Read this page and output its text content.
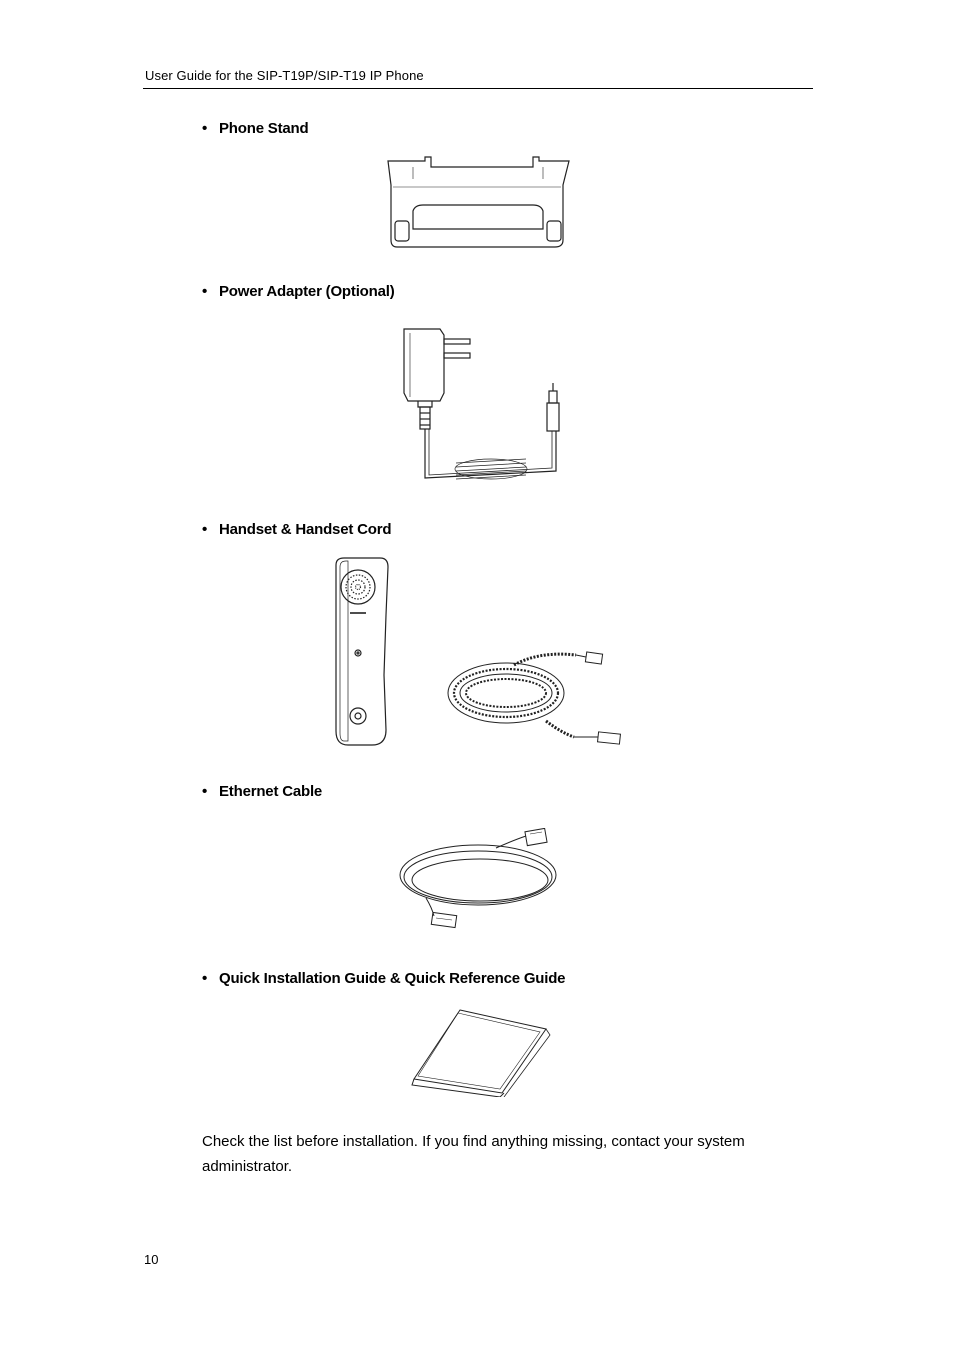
User Guide for the SIP-T19P/SIP-T19 IP Phone
• Phone Stand
• Power Adapter (Optional)
• Handset & Handset Cord
• Ethernet Cable
• Quick Installation Guide & Quick Reference Guide
Check the list before installation. If you find anything missing, contact your system administrator.
10
